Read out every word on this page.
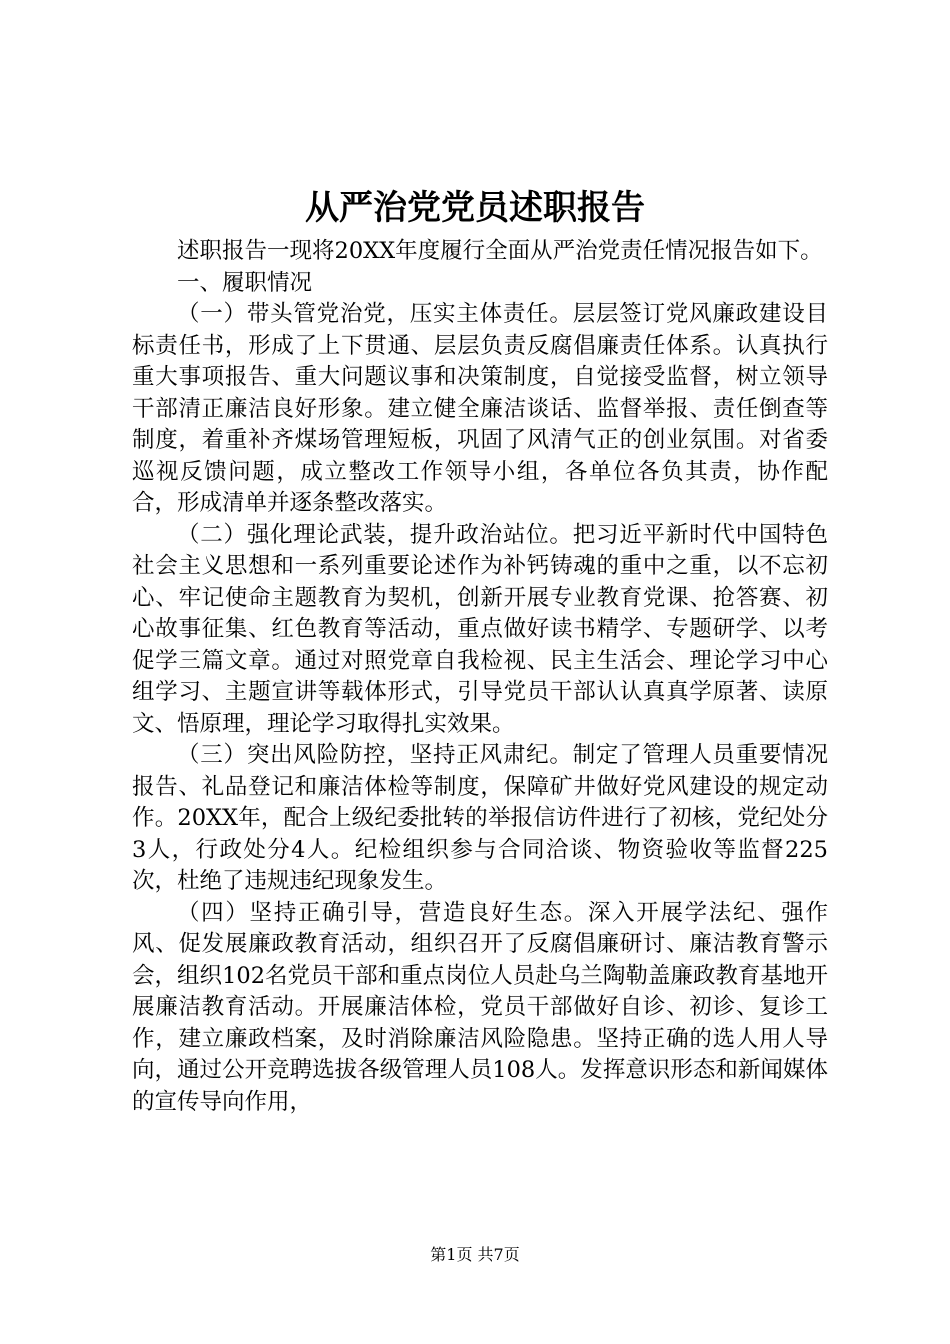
从严治党党员述职报告

述职报告一现将20XX年度履行全面从严治党责任情况报告如下。

一、履职情况

（一）带头管党治党，压实主体责任。层层签订党风廉政建设目标责任书，形成了上下贯通、层层负责反腐倡廉责任体系。认真执行重大事项报告、重大问题议事和决策制度，自觉接受监督，树立领导干部清正廉洁良好形象。建立健全廉洁谈话、监督举报、责任倒查等制度，着重补齐煤场管理短板，巩固了风清气正的创业氛围。对省委巡视反馈问题，成立整改工作领导小组，各单位各负其责，协作配合，形成清单并逐条整改落实。

（二）强化理论武装，提升政治站位。把习近平新时代中国特色社会主义思想和一系列重要论述作为补钙铸魂的重中之重，以不忘初心、牢记使命主题教育为契机，创新开展专业教育党课、抢答赛、初心故事征集、红色教育等活动，重点做好读书精学、专题研学、以考促学三篇文章。通过对照党章自我检视、民主生活会、理论学习中心组学习、主题宣讲等载体形式，引导党员干部认认真真学原著、读原文、悟原理，理论学习取得扎实效果。

（三）突出风险防控，坚持正风肃纪。制定了管理人员重要情况报告、礼品登记和廉洁体检等制度，保障矿井做好党风建设的规定动作。20XX年，配合上级纪委批转的举报信访件进行了初核，党纪处分3人，行政处分4人。纪检组织参与合同洽谈、物资验收等监督225次，杜绝了违规违纪现象发生。

（四）坚持正确引导，营造良好生态。深入开展学法纪、强作风、促发展廉政教育活动，组织召开了反腐倡廉研讨、廉洁教育警示会，组织102名党员干部和重点岗位人员赴乌兰陶勒盖廉政教育基地开展廉洁教育活动。开展廉洁体检，党员干部做好自诊、初诊、复诊工作，建立廉政档案，及时消除廉洁风险隐患。坚持正确的选人用人导向，通过公开竞聘选拔各级管理人员108人。发挥意识形态和新闻媒体的宣传导向作用，

第1页 共7页
